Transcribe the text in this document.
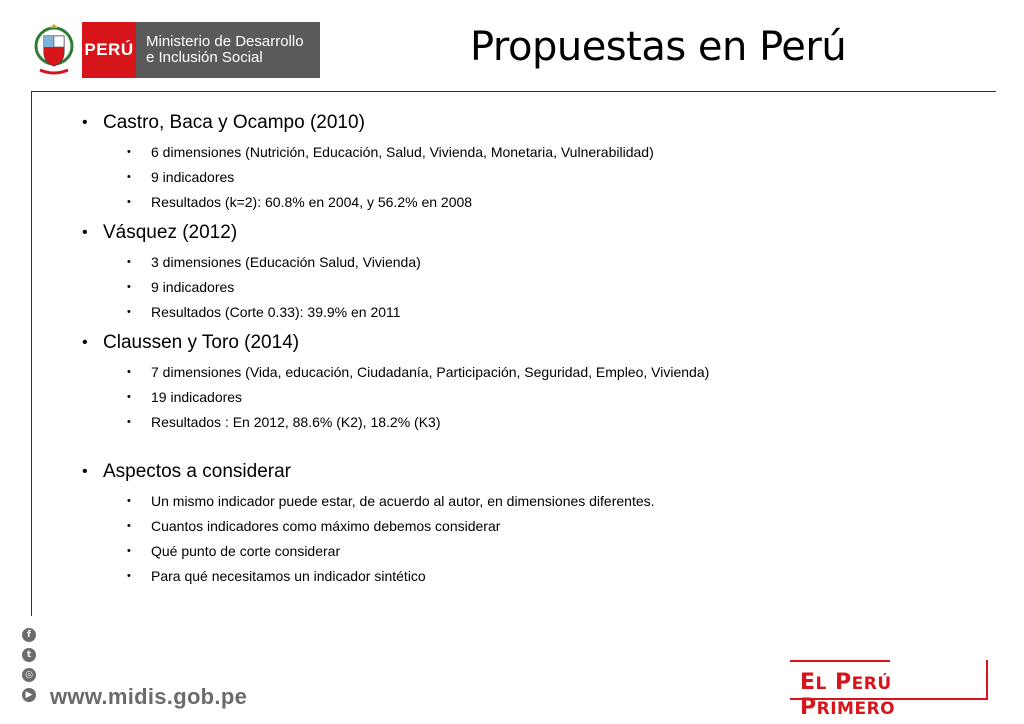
PERÚ Ministerio de Desarrollo
e Inclusión Social	Propuestas en Perú
• Castro, Baca y Ocampo (2010)
• 6 dimensiones (Nutrición, Educación, Salud, Vivienda, Monetaria, Vulnerabilidad)
• 9 indicadores
• Resultados (k=2): 60.8% en 2004, y 56.2% en 2008
• Vásquez (2012)
• 3 dimensiones (Educación Salud, Vivienda)
• 9 indicadores
• Resultados (Corte 0.33): 39.9% en 2011
• Claussen y Toro (2014)
• 7 dimensiones (Vida, educación, Ciudadanía, Participación, Seguridad, Empleo, Vivienda)
• 19 indicadores
• Resultados : En 2012, 88.6% (K2), 18.2% (K3)
• Aspectos a considerar
• Un mismo indicador puede estar, de acuerdo al autor, en dimensiones diferentes.
• Cuantos indicadores como máximo debemos considerar
• Qué punto de corte considerar
• Para qué necesitamos un indicador sintético
f
t
◎
▶ www.midis.gob.pe
EL PERÚ PRIMERO
